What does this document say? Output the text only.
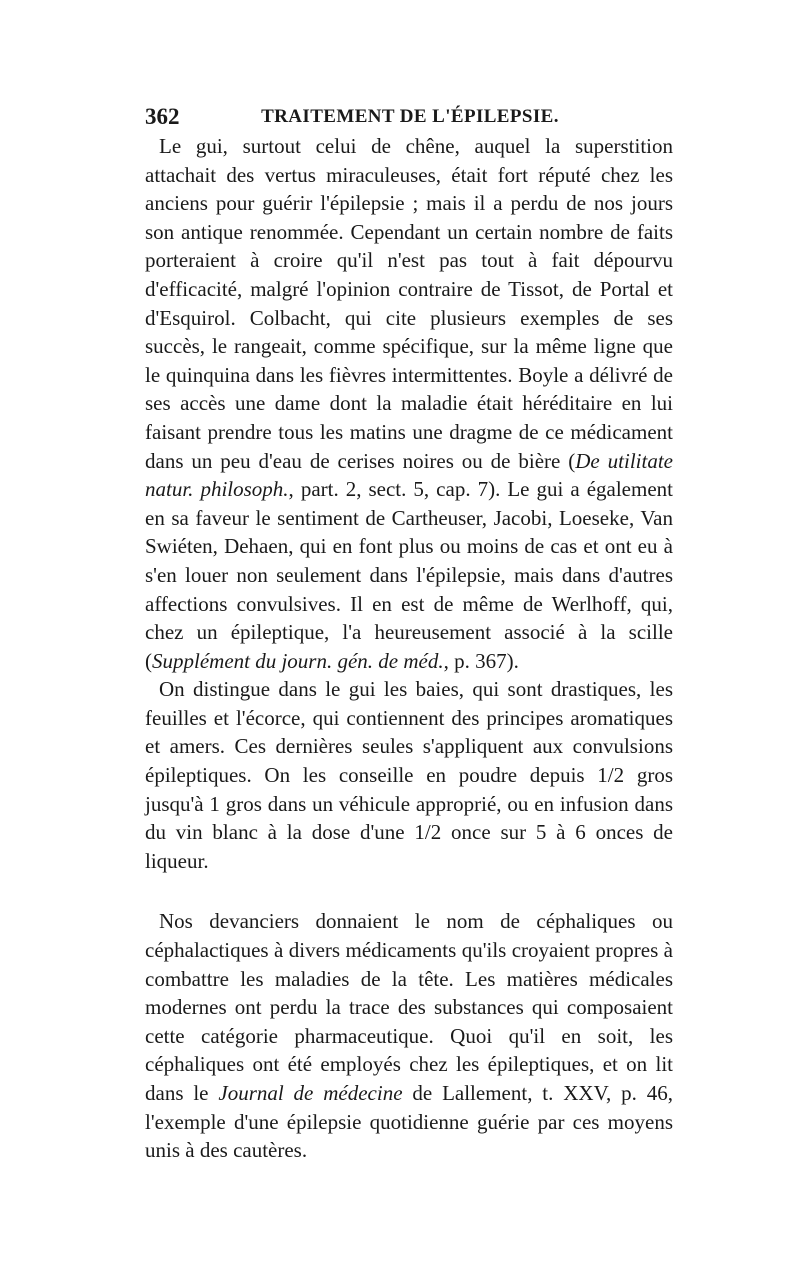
362	TRAITEMENT DE L'ÉPILEPSIE.

Le gui, surtout celui de chêne, auquel la superstition attachait des vertus miraculeuses, était fort réputé chez les anciens pour guérir l'épilepsie ; mais il a perdu de nos jours son antique renommée. Cependant un certain nombre de faits porteraient à croire qu'il n'est pas tout à fait dépourvu d'efficacité, malgré l'opinion contraire de Tissot, de Portal et d'Esquirol. Colbacht, qui cite plusieurs exemples de ses succès, le rangeait, comme spécifique, sur la même ligne que le quinquina dans les fièvres intermittentes. Boyle a délivré de ses accès une dame dont la maladie était héréditaire en lui faisant prendre tous les matins une dragme de ce médicament dans un peu d'eau de cerises noires ou de bière (De utilitate natur. philosoph., part. 2, sect. 5, cap. 7). Le gui a également en sa faveur le sentiment de Cartheuser, Jacobi, Loeseke, Van Swiéten, Dehaen, qui en font plus ou moins de cas et ont eu à s'en louer non seulement dans l'épilepsie, mais dans d'autres affections convulsives. Il en est de même de Werlhoff, qui, chez un épileptique, l'a heureusement associé à la scille (Supplément du journ. gén. de méd., p. 367).

On distingue dans le gui les baies, qui sont drastiques, les feuilles et l'écorce, qui contiennent des principes aromatiques et amers. Ces dernières seules s'appliquent aux convulsions épileptiques. On les conseille en poudre depuis 1/2 gros jusqu'à 1 gros dans un véhicule approprié, ou en infusion dans du vin blanc à la dose d'une 1/2 once sur 5 à 6 onces de liqueur.

Nos devanciers donnaient le nom de céphaliques ou céphalactiques à divers médicaments qu'ils croyaient propres à combattre les maladies de la tête. Les matières médicales modernes ont perdu la trace des substances qui composaient cette catégorie pharmaceutique. Quoi qu'il en soit, les céphaliques ont été employés chez les épileptiques, et on lit dans le Journal de médecine de Lallement, t. XXV, p. 46, l'exemple d'une épilepsie quotidienne guérie par ces moyens unis à des cautères.
